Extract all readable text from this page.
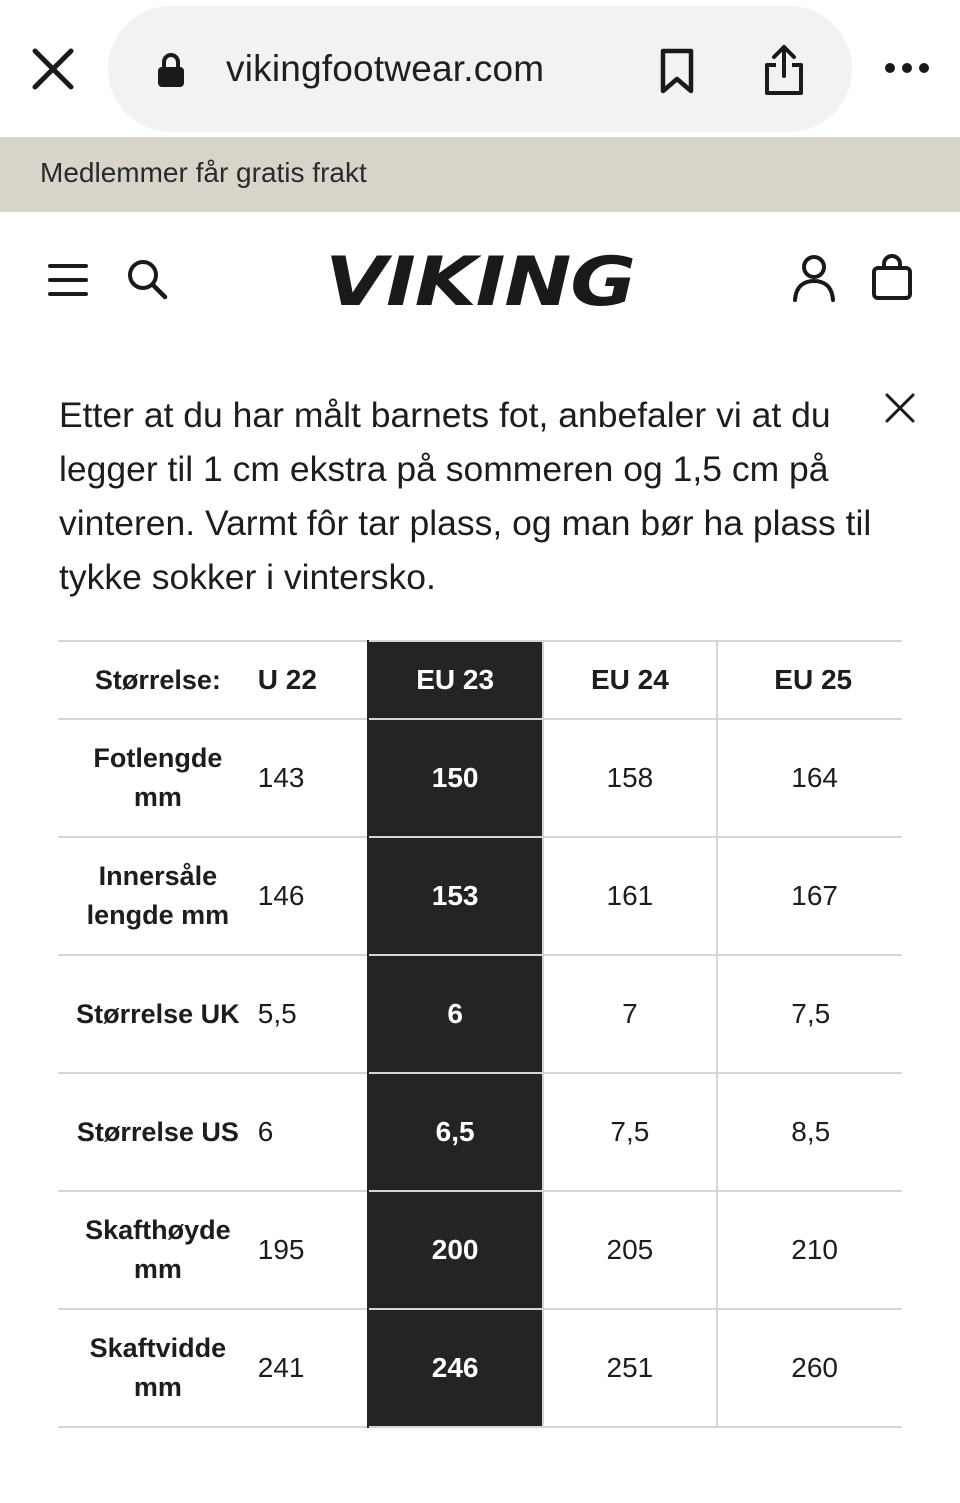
vikingfootwear.com
Medlemmer får gratis frakt
VIKING
Etter at du har målt barnets fot, anbefaler vi at du legger til 1 cm ekstra på sommeren og 1,5 cm på vinteren. Varmt fôr tar plass, og man bør ha plass til tykke sokker i vintersko.
Størrelse:	U 22	EU 23	EU 24	EU 25
Fotlengde mm	143	150	158	164
Innersåle lengde mm	146	153	161	167
Størrelse UK	5,5	6	7	7,5
Størrelse US	6	6,5	7,5	8,5
Skafthøyde mm	195	200	205	210
Skaftvidde mm	241	246	251	260
